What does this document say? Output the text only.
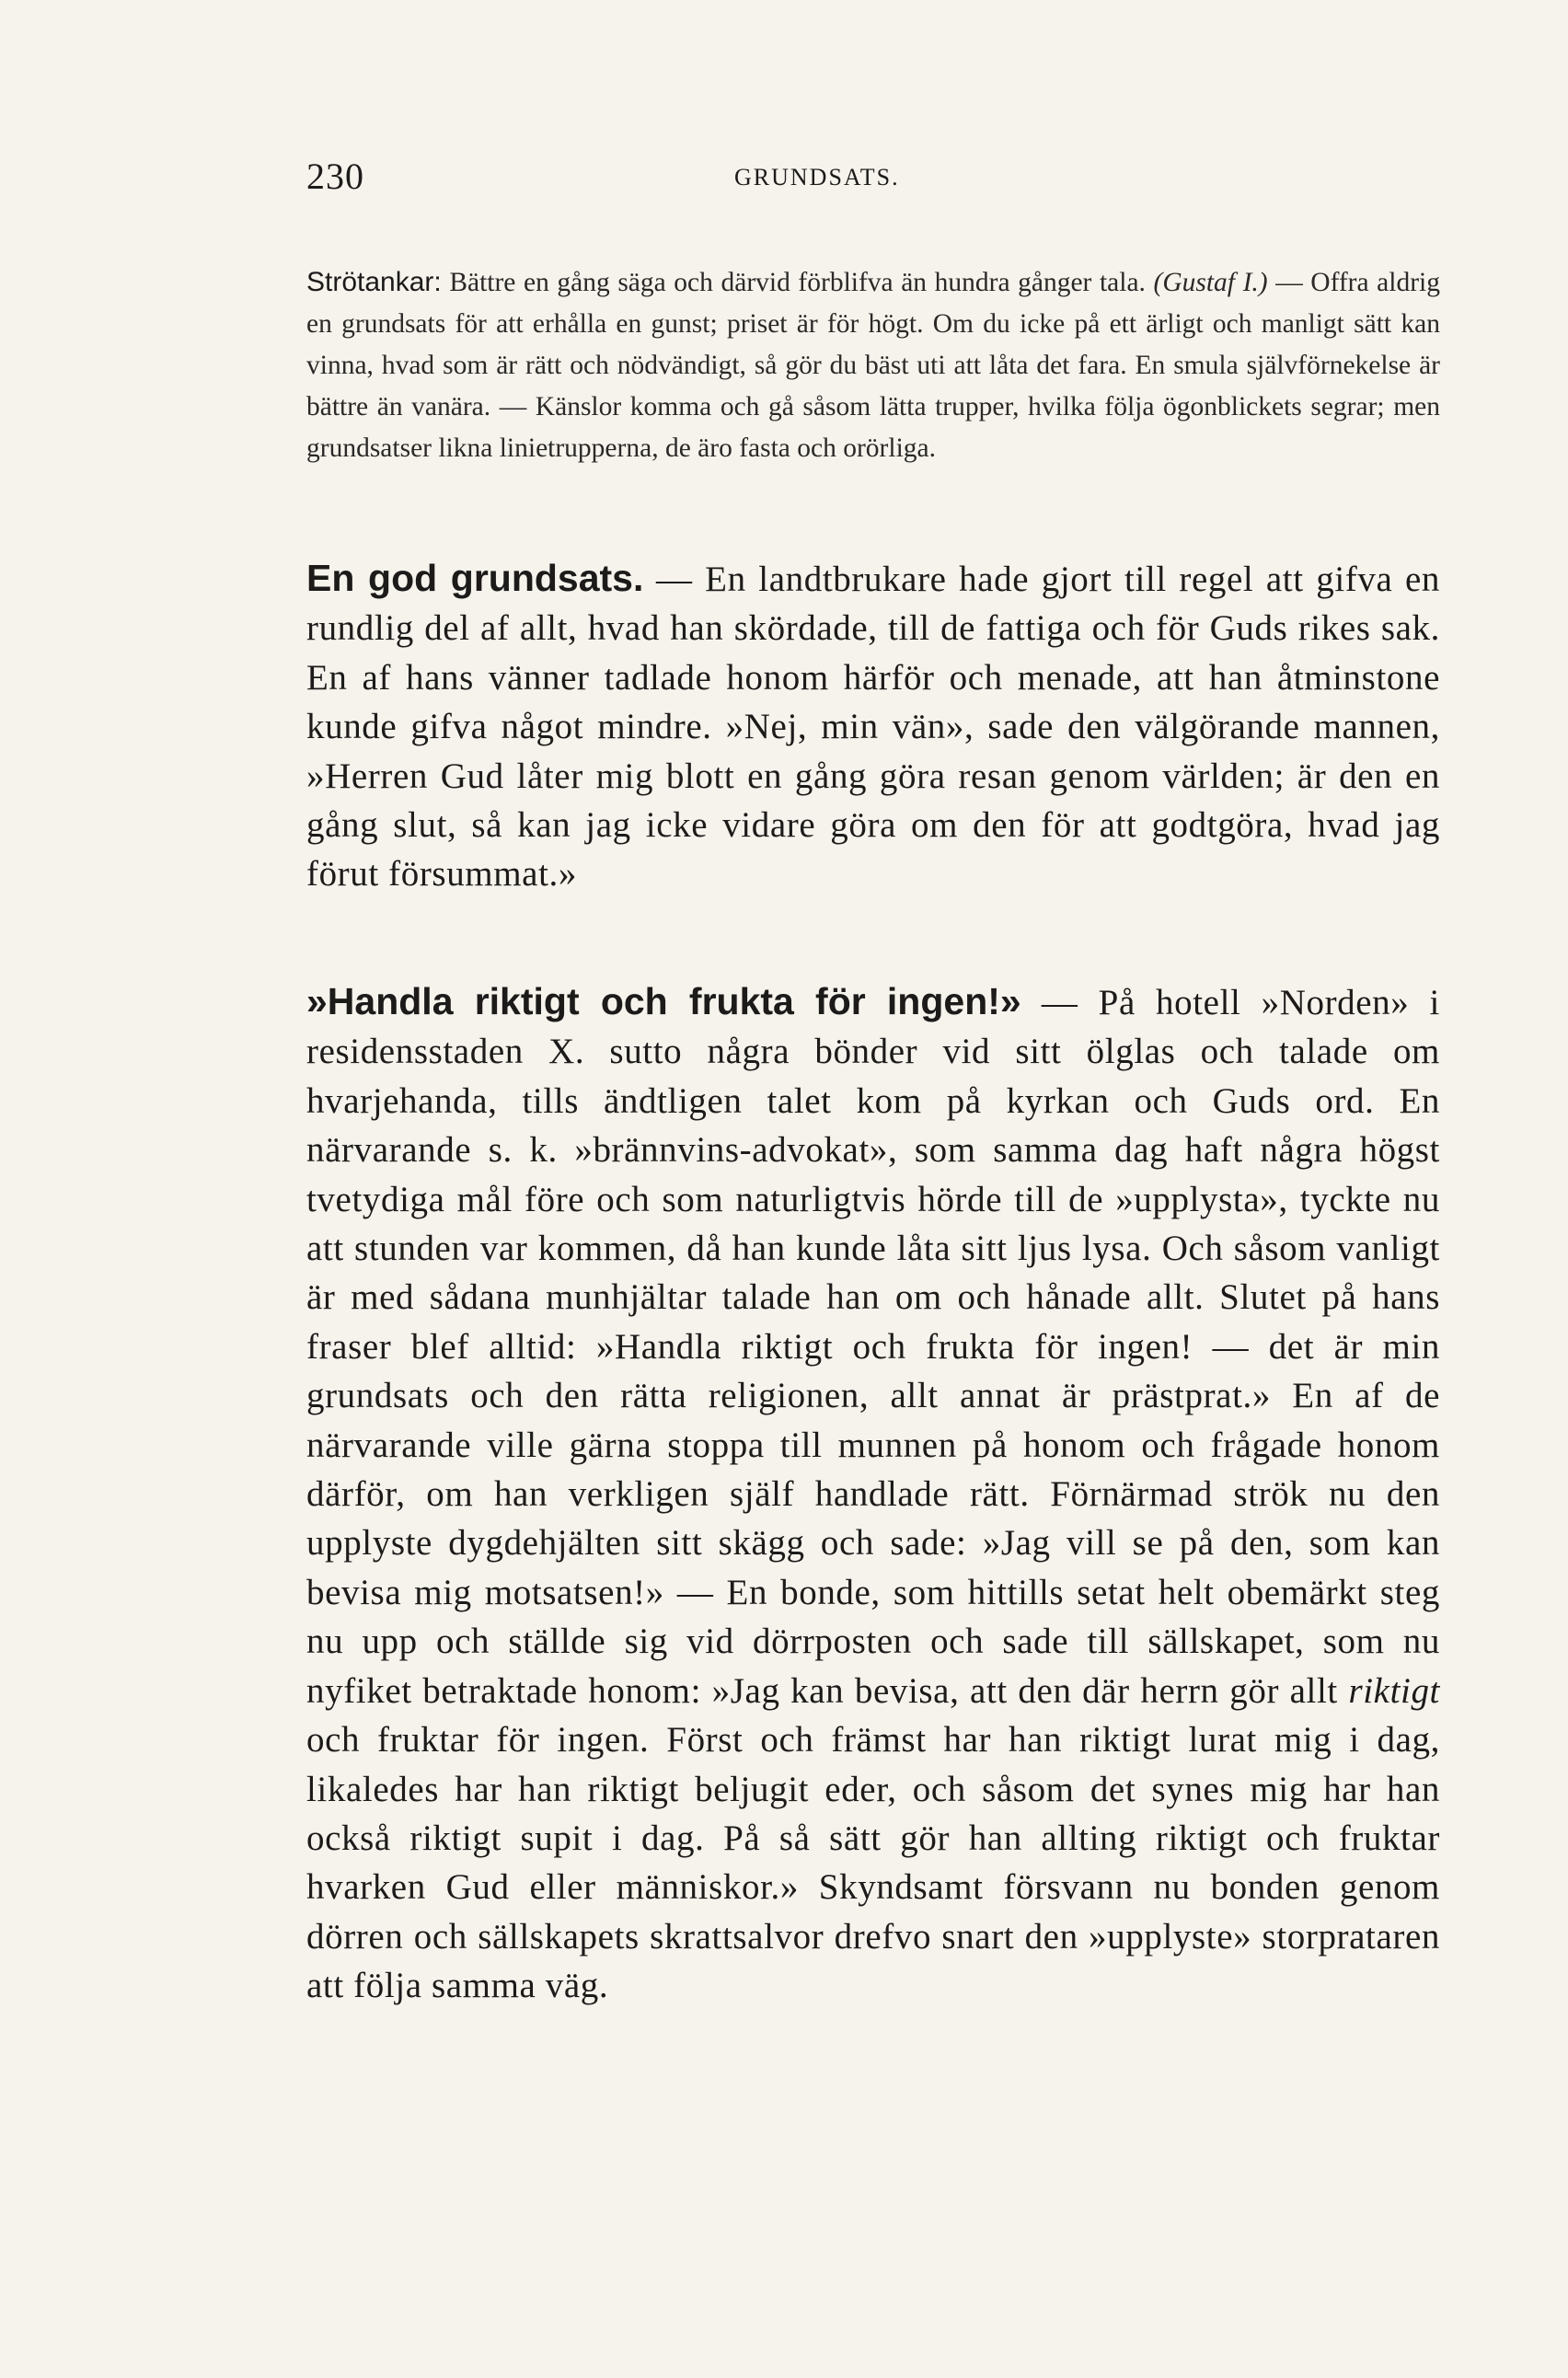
230	GRUNDSATS.
Strötankar: Bättre en gång säga och därvid förblifva än hundra gånger tala. (Gustaf I.) — Offra aldrig en grundsats för att erhålla en gunst; priset är för högt. Om du icke på ett ärligt och manligt sätt kan vinna, hvad som är rätt och nödvändigt, så gör du bäst uti att låta det fara. En smula självförnekelse är bättre än vanära. — Känslor komma och gå såsom lätta trupper, hvilka följa ögonblickets segrar; men grundsatser likna linietrupperna, de äro fasta och orörliga.
En god grundsats. — En landtbrukare hade gjort till regel att gifva en rundlig del af allt, hvad han skördade, till de fattiga och för Guds rikes sak. En af hans vänner tadlade honom härför och menade, att han åtminstone kunde gifva något mindre. »Nej, min vän», sade den välgörande mannen, »Herren Gud låter mig blott en gång göra resan genom världen; är den en gång slut, så kan jag icke vidare göra om den för att godtgöra, hvad jag förut försummat.»
»Handla riktigt och frukta för ingen!» — På hotell »Norden» i residensstaden X. sutto några bönder vid sitt ölglas och talade om hvarjehanda, tills ändtligen talet kom på kyrkan och Guds ord. En närvarande s. k. »brännvins-advokat», som samma dag haft några högst tvetydiga mål före och som naturligtvis hörde till de »upplysta», tyckte nu att stunden var kommen, då han kunde låta sitt ljus lysa. Och såsom vanligt är med sådana munhjältar talade han om och hånade allt. Slutet på hans fraser blef alltid: »Handla riktigt och frukta för ingen! — det är min grundsats och den rätta religionen, allt annat är prästprat.» En af de närvarande ville gärna stoppa till munnen på honom och frågade honom därför, om han verkligen själf handlade rätt. Förnärmad strök nu den upplyste dygdehjälten sitt skägg och sade: »Jag vill se på den, som kan bevisa mig motsatsen!» — En bonde, som hittills setat helt obemärkt steg nu upp och ställde sig vid dörrposten och sade till sällskapet, som nu nyfiket betraktade honom: »Jag kan bevisa, att den där herrn gör allt riktigt och fruktar för ingen. Först och främst har han riktigt lurat mig i dag, likaledes har han riktigt beljugit eder, och såsom det synes mig har han också riktigt supit i dag. På så sätt gör han allting riktigt och fruktar hvarken Gud eller människor.» Skyndsamt försvann nu bonden genom dörren och sällskapets skrattsalvor drefvo snart den »upplyste» storprataren att följa samma väg.
